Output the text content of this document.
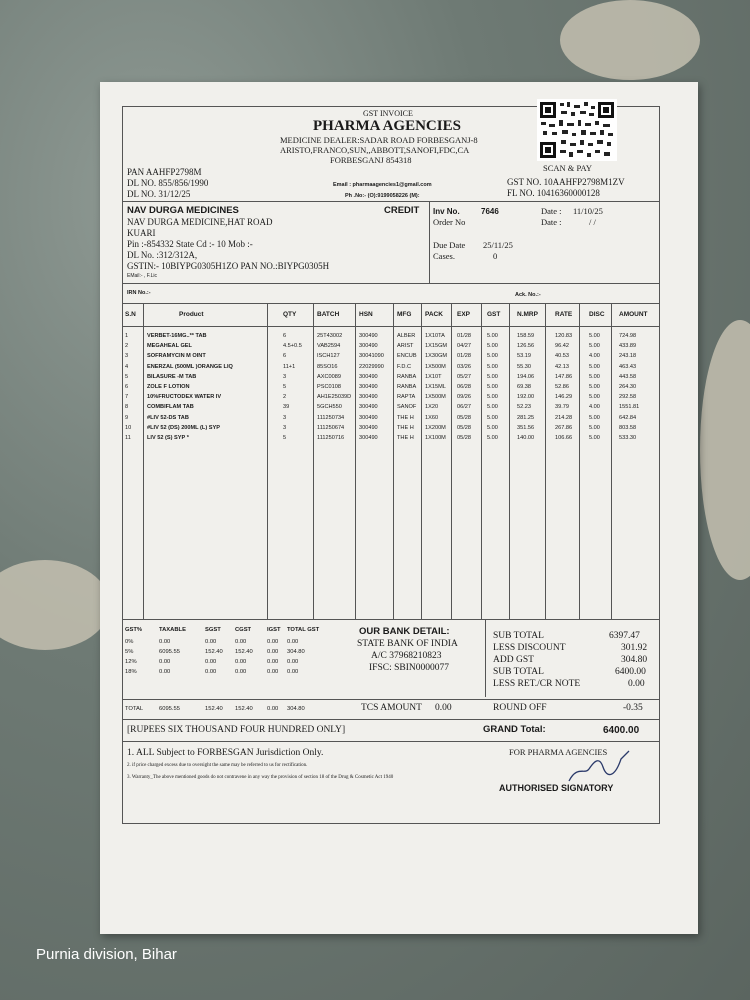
GST INVOICE
PHARMA AGENCIES
MEDICINE DEALER:SADAR ROAD FORBESGANJ-8
ARISTO,FRANCO,SUN,,ABBOTT,SANOFI,FDC,CA
FORBESGANJ 854318
PAN AAHFP2798M
DL NO. 855/856/1990
DL NO. 31/12/25
Email : pharmaagencies1@gmail.com
Ph .No:- (O):9199058226 (M):
SCAN & PAY
GST NO. 10AAHFP2798M1ZV
FL NO. 10416360000128
NAV DURGA MEDICINES	CREDIT
NAV DURGA MEDICINE,HAT ROAD
KUARI
Pin :-854332 State Cd :- 10 Mob :-
DL No. :312/312A,
GSTIN:- 10BIYPG0305H1ZO PAN NO.:BIYPG0305H
EMail:- , F.Lic
Inv No.	7646	Date : 11/10/25
Order No	Date :	/ /
Due Date 25/11/25
Cases.	0
IRN No.:-	Ack. No.:-
S.N	Product	QTY	BATCH	HSN	MFG PACK EXP	GST	N.MRP	RATE	DISC AMOUNT
1	VERBET-16MG..** TAB	6	25T43002	300490	ALBER 1X10TA 01/28	5.00	158.59	120.83	5.00	724.98
2	MEGAHEAL GEL	4.5+0.5	VAB2594	300490	ARIST 1X15GM 04/27	5.00	126.56	96.42	5.00	433.89
3	SOFRAMYCIN M OINT	6	ISCH127	30041090 ENCUB 1X30GM 01/28	5.00	53.19	40.53	4.00	243.18
4	ENERZAL (500ML )ORANGE LIQ	11+1	85SO16	22029990 F.D.C	1X500M 03/26	5.00	55.30	42.13	5.00	463.43
5	BILASURE -M TAB	3	AXC0089	300490	RANBA 1X10T	05/27	5.00	194.06	147.86	5.00	443.58
6	ZOLE F LOTION	5	PSC0108	300490	RANBA 1X15ML 06/28	5.00	69.38	52.86	5.00	264.30
7	10%FRUCTODEX WATER IV	2	AH1E25039D 300490	RAPTA 1X500M 09/26	5.00	192.00	146.29	5.00	292.58
8	COMBIFLAM TAB	39	5GCH550	300490	SANOF 1X20	06/27	5.00	52.23	39.79	4.00	1551.81
9	#LIV 52-DS TAB	3	111250734	300490	THE H 1X60	05/28	5.00	281.25	214.28	5.00	642.84
10	#LIV 52 (DS) 200ML (L) SYP	3	111250674	300490	THE H 1X200M 05/28	5.00	351.56	267.86	5.00	803.58
11	LIV 52 (S) SYP *	5	111250716	300490	THE H 1X100M 05/28	5.00	140.00	106.66	5.00	533.30
GST%	TAXABLE	SGST CGST	IGST TOTAL GST
0%	0.00	0.00	0.00	0.00 0.00
5%	6095.55	152.40 152.40 0.00 304.80
12%	0.00	0.00	0.00	0.00 0.00
18%	0.00	0.00	0.00	0.00 0.00
TOTAL	6095.55	152.40 152.40 0.00 304.80
OUR BANK DETAIL:
STATE BANK OF INDIA
A/C 37968210823
IFSC: SBIN0000077
SUB TOTAL	6397.47
LESS DISCOUNT	301.92
ADD GST	304.80
SUB TOTAL	6400.00
LESS RET./CR NOTE	0.00
TCS AMOUNT 0.00	ROUND OFF	-0.35
[RUPEES SIX THOUSAND FOUR HUNDRED ONLY]	GRAND Total:	6400.00
1. ALL Subject to FORBESGAN Jurisdiction Only.
2. if price charged excess due to oversight the same may be referred to us for rectification.
3. Warranty_The above mentioned goods do not contravene in any way the provision of section 18 of the Drug & Cosmetic Act 1940
FOR PHARMA AGENCIES
AUTHORISED SIGNATORY
Purnia division, Bihar
